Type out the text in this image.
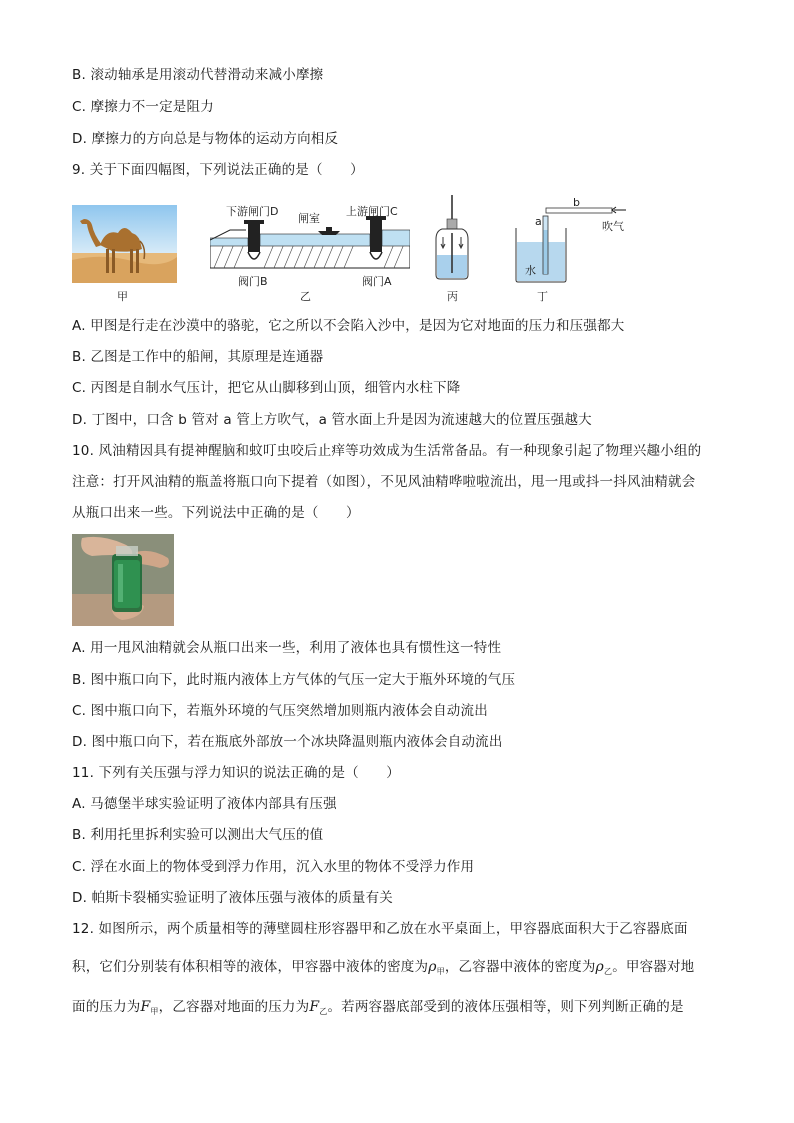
B. 滚动轴承是用滚动代替滑动来减小摩擦
C. 摩擦力不一定是阻力
D. 摩擦力的方向总是与物体的运动方向相反
9. 关于下面四幅图，下列说法正确的是（　　）
甲
下游闸门D
闸室
上游闸门C
阀门B	阀门A
乙	丙
b
a	吹气
水
丁
A. 甲图是行走在沙漠中的骆驼，它之所以不会陷入沙中，是因为它对地面的压力和压强都大
B. 乙图是工作中的船闸，其原理是连通器
C. 丙图是自制水气压计，把它从山脚移到山顶，细管内水柱下降
D. 丁图中，口含 b 管对 a 管上方吹气，a 管水面上升是因为流速越大的位置压强越大
10. 风油精因具有提神醒脑和蚊叮虫咬后止痒等功效成为生活常备品。有一种现象引起了物理兴趣小组的
注意：打开风油精的瓶盖将瓶口向下提着（如图），不见风油精哗啦啦流出，甩一甩或抖一抖风油精就会
从瓶口出来一些。下列说法中正确的是（　　）
A. 用一甩风油精就会从瓶口出来一些，利用了液体也具有惯性这一特性
B. 图中瓶口向下，此时瓶内液体上方气体的气压一定大于瓶外环境的气压
C. 图中瓶口向下，若瓶外环境的气压突然增加则瓶内液体会自动流出
D. 图中瓶口向下，若在瓶底外部放一个冰块降温则瓶内液体会自动流出
11. 下列有关压强与浮力知识的说法正确的是（　　）
A. 马德堡半球实验证明了液体内部具有压强
B. 利用托里拆利实验可以测出大气压的值
C. 浮在水面上的物体受到浮力作用，沉入水里的物体不受浮力作用
D. 帕斯卡裂桶实验证明了液体压强与液体的质量有关
12. 如图所示，两个质量相等的薄壁圆柱形容器甲和乙放在水平桌面上，甲容器底面积大于乙容器底面
积，它们分别装有体积相等的液体，甲容器中液体的密度为$\rho_甲$，乙容器中液体的密度为$\rho_乙$。甲容器对地
面的压力为$F_甲$，乙容器对地面的压力为$F_乙$。若两容器底部受到的液体压强相等，则下列判断正确的是
